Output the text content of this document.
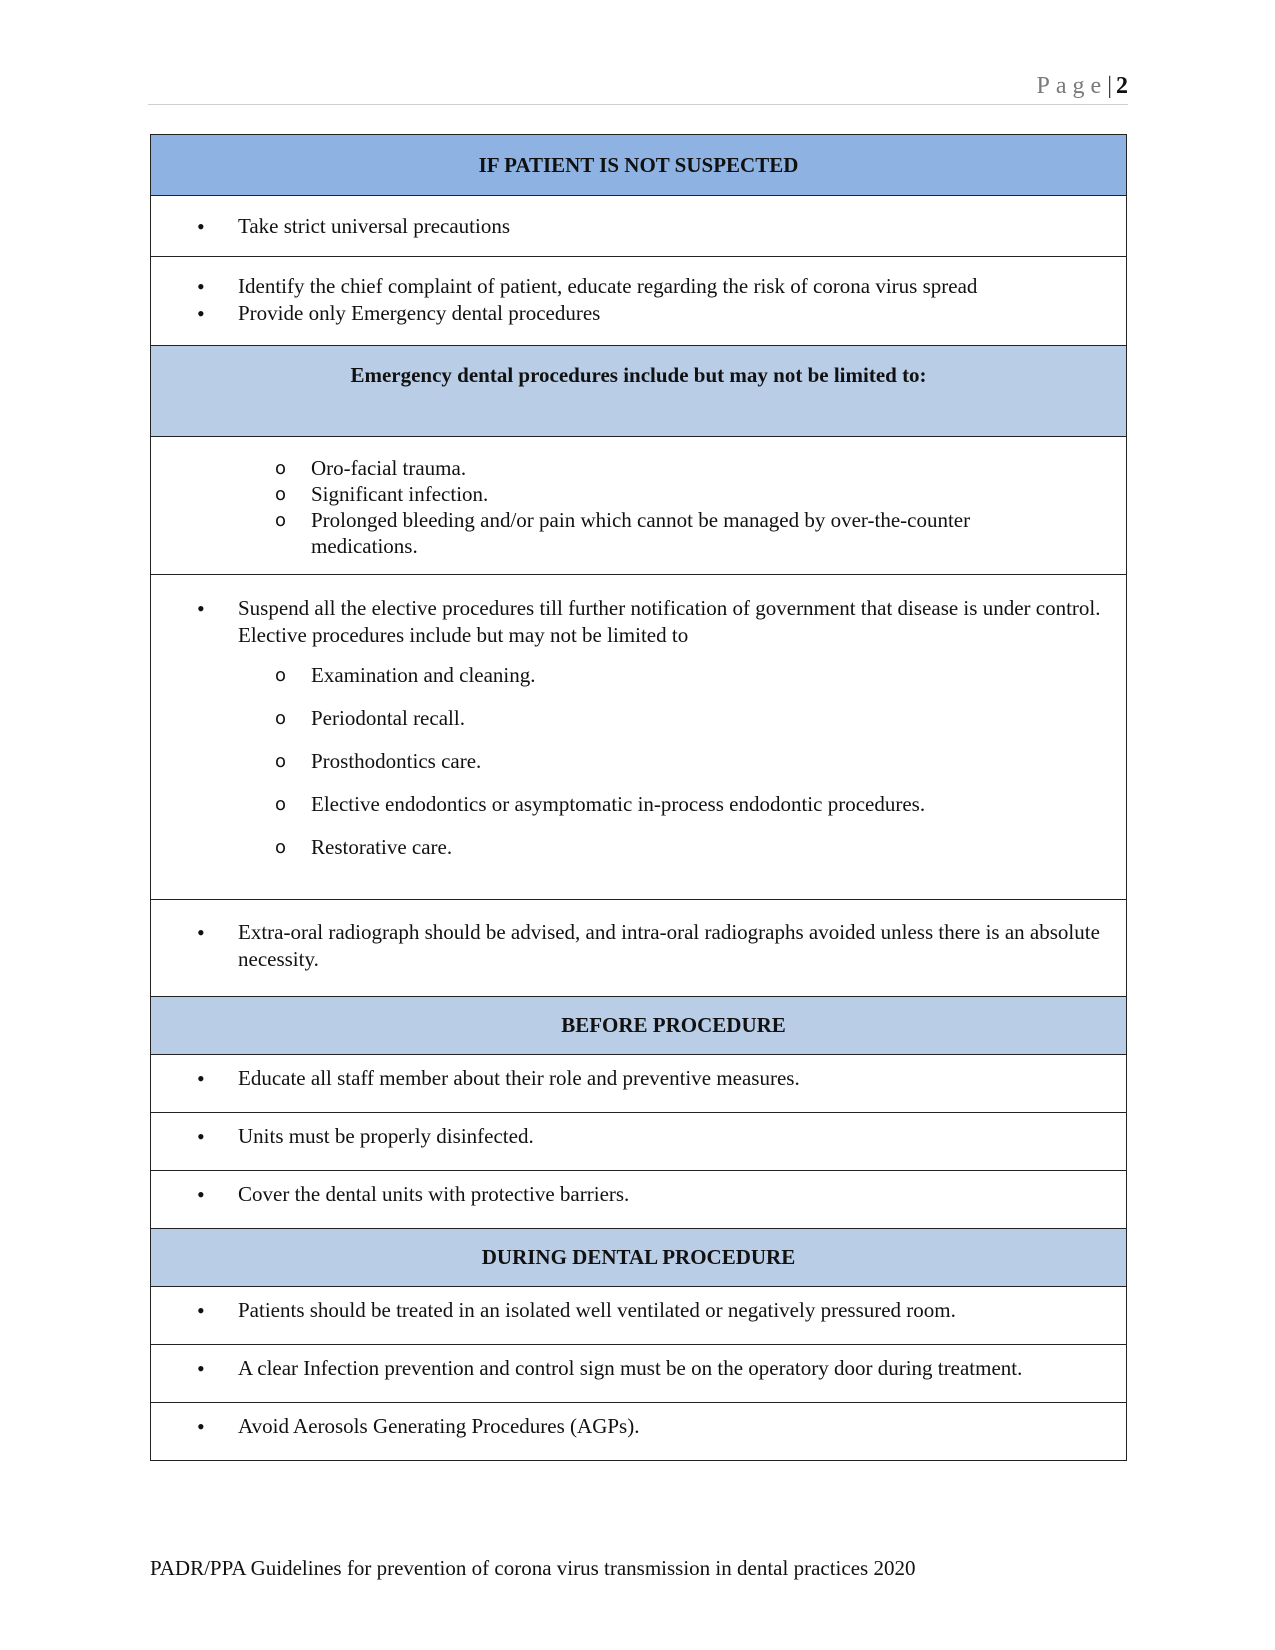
Page| 2
IF PATIENT IS NOT SUSPECTED
• Take strict universal precautions
• Identify the chief complaint of patient, educate regarding the risk of corona virus spread
• Provide only Emergency dental procedures
Emergency dental procedures include but may not be limited to:
o Oro-facial trauma.
o Significant infection.
o Prolonged bleeding and/or pain which cannot be managed by over-the-counter medications.
• Suspend all the elective procedures till further notification of government that disease is under control. Elective procedures include but may not be limited to
o Examination and cleaning.
o Periodontal recall.
o Prosthodontics care.
o Elective endodontics or asymptomatic in-process endodontic procedures.
o Restorative care.
• Extra-oral radiograph should be advised, and intra-oral radiographs avoided unless there is an absolute necessity.
BEFORE PROCEDURE
• Educate all staff member about their role and preventive measures.
• Units must be properly disinfected.
• Cover the dental units with protective barriers.
DURING DENTAL PROCEDURE
• Patients should be treated in an isolated well ventilated or negatively pressured room.
• A clear Infection prevention and control sign must be on the operatory door during treatment.
• Avoid Aerosols Generating Procedures (AGPs).
PADR/PPA Guidelines for prevention of corona virus transmission in dental practices 2020
